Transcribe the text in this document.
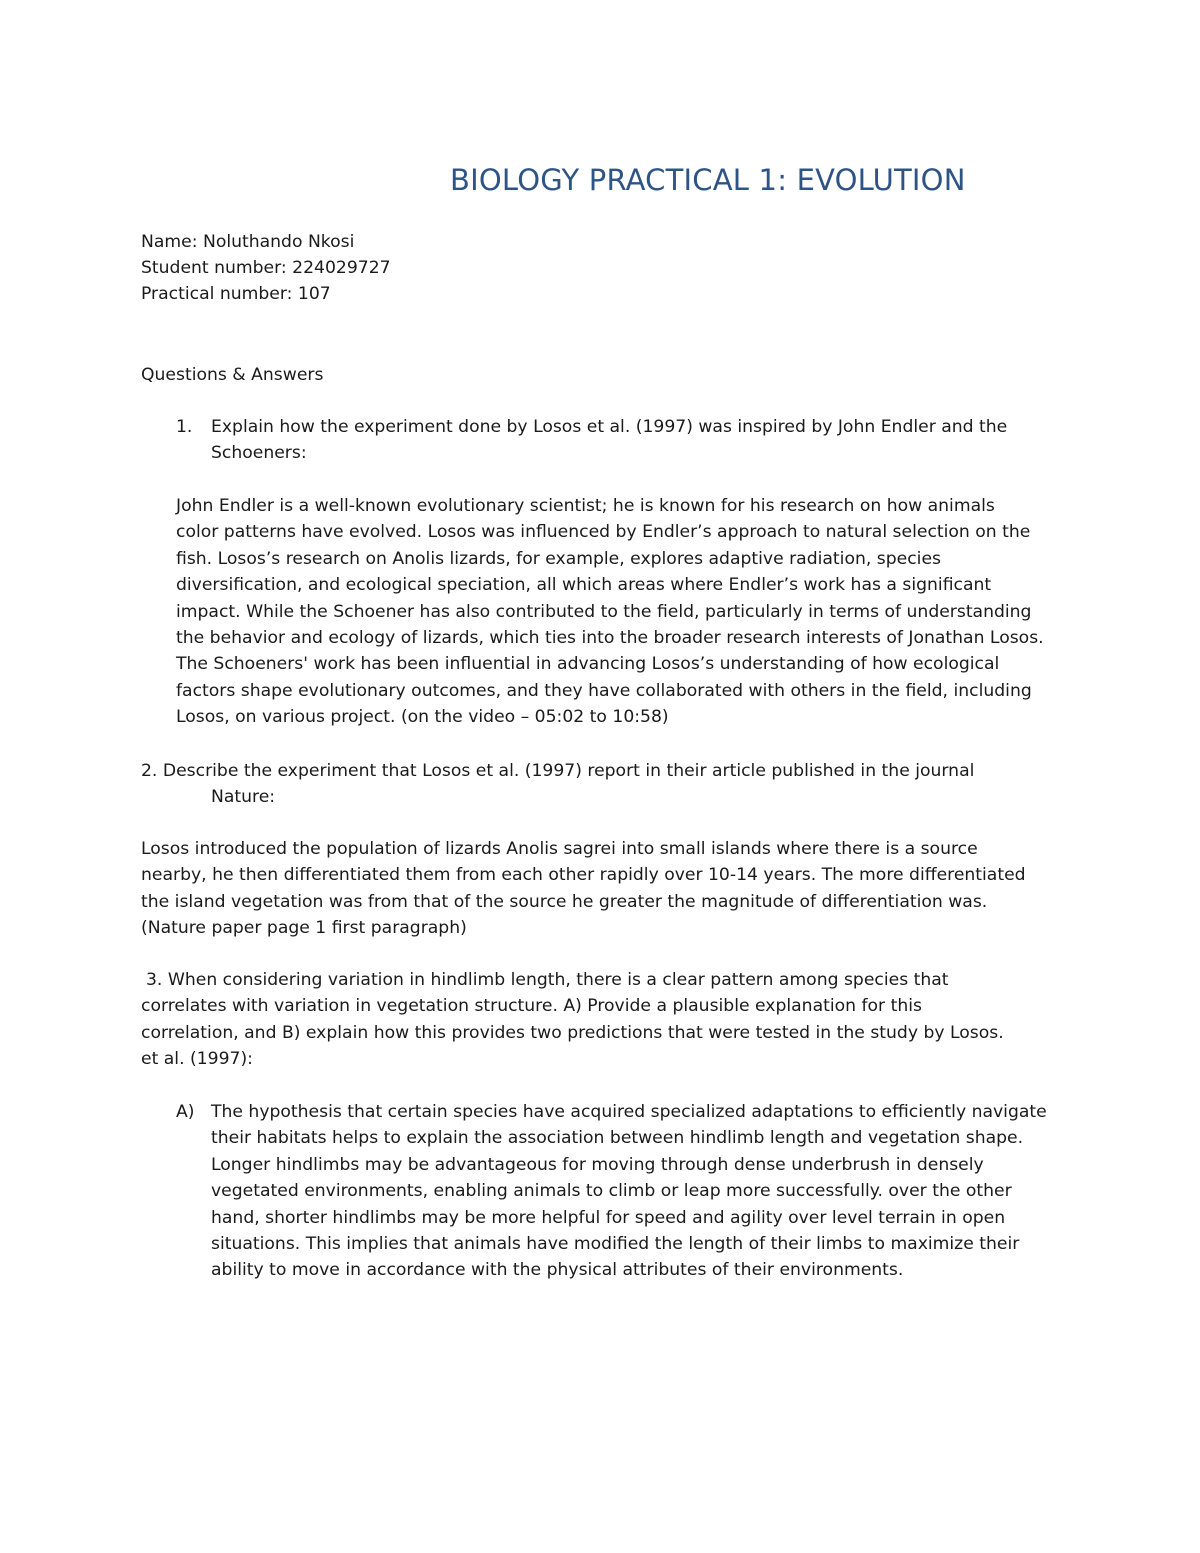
BIOLOGY PRACTICAL 1: EVOLUTION
Name: Noluthando Nkosi
Student number: 224029727
Practical number: 107
Questions & Answers
1. Explain how the experiment done by Losos et al. (1997) was inspired by John Endler and the
Schoeners:

John Endler is a well-known evolutionary scientist; he is known for his research on how animals

color patterns have evolved. Losos was influenced by Endler’s approach to natural selection on the

fish. Losos’s research on Anolis lizards, for example, explores adaptive radiation, species

diversification, and ecological speciation, all which areas where Endler’s work has a significant

impact. While the Schoener has also contributed to the field, particularly in terms of understanding

the behavior and ecology of lizards, which ties into the broader research interests of Jonathan Losos.

The Schoeners' work has been influential in advancing Losos’s understanding of how ecological

factors shape evolutionary outcomes, and they have collaborated with others in the field, including

Losos, on various project. (on the video – 05:02 to 10:58)

2. Describe the experiment that Losos et al. (1997) report in their article published in the journal
Nature:

Losos introduced the population of lizards Anolis sagrei into small islands where there is a source

nearby, he then differentiated them from each other rapidly over 10-14 years. The more differentiated

the island vegetation was from that of the source he greater the magnitude of differentiation was.

(Nature paper page 1 first paragraph)

3. When considering variation in hindlimb length, there is a clear pattern among species that

correlates with variation in vegetation structure. A) Provide a plausible explanation for this

correlation, and B) explain how this provides two predictions that were tested in the study by Losos.

et al. (1997):

A) The hypothesis that certain species have acquired specialized adaptations to efficiently navigate

their habitats helps to explain the association between hindlimb length and vegetation shape.

Longer hindlimbs may be advantageous for moving through dense underbrush in densely

vegetated environments, enabling animals to climb or leap more successfully. over the other

hand, shorter hindlimbs may be more helpful for speed and agility over level terrain in open

situations. This implies that animals have modified the length of their limbs to maximize their

ability to move in accordance with the physical attributes of their environments.
